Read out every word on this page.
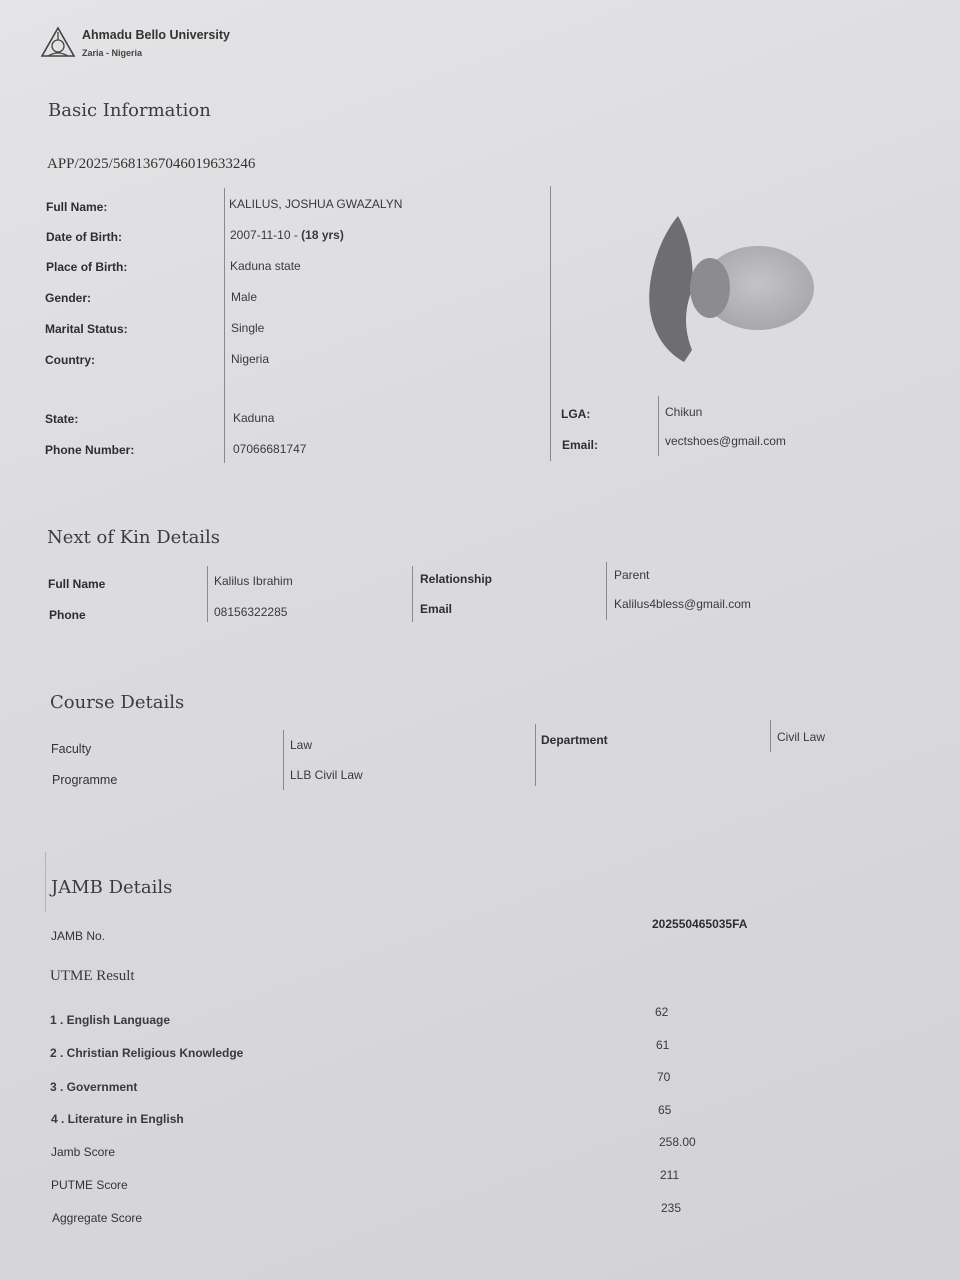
Ahmadu Bello University
Zaria - Nigeria
Basic Information
APP/2025/5681367046019633246
Full Name:	KALILUS, JOSHUA GWAZALYN
Date of Birth:	2007-11-10 - (18 yrs)
Place of Birth:	Kaduna state
Gender:	Male
Marital Status:	Single
Country:	Nigeria
State:	Kaduna
Phone Number:	07066681747
LGA:	Chikun
Email:	vectshoes@gmail.com
Next of Kin Details
Full Name	Kalilus Ibrahim
Phone	08156322285
Relationship	Parent
Email	Kalilus4bless@gmail.com
Course Details
Faculty	Law
Programme	LLB Civil Law
Department	Civil Law
JAMB Details
JAMB No.
202550465035FA
UTME Result
1 . English Language
62
2 . Christian Religious Knowledge
61
3 . Government
70
4 . Literature in English
65
Jamb Score
258.00
PUTME Score
211
Aggregate Score
235
